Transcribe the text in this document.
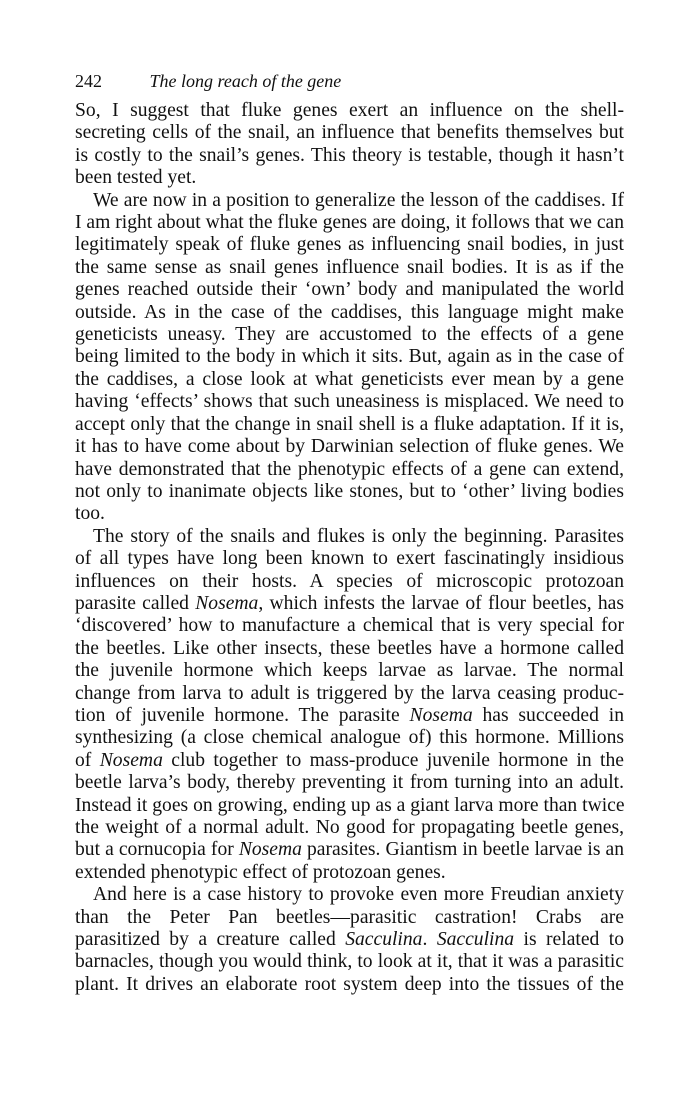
242	The long reach of the gene
So, I suggest that fluke genes exert an influence on the shell-
secreting cells of the snail, an influence that benefits themselves but
is costly to the snail’s genes. This theory is testable, though it hasn’t
been tested yet.
We are now in a position to generalize the lesson of the caddises. If
I am right about what the fluke genes are doing, it follows that we can
legitimately speak of fluke genes as influencing snail bodies, in just
the same sense as snail genes influence snail bodies. It is as if the
genes reached outside their ‘own’ body and manipulated the world
outside. As in the case of the caddises, this language might make
geneticists uneasy. They are accustomed to the effects of a gene
being limited to the body in which it sits. But, again as in the case of
the caddises, a close look at what geneticists ever mean by a gene
having ‘effects’ shows that such uneasiness is misplaced. We need to
accept only that the change in snail shell is a fluke adaptation. If it is,
it has to have come about by Darwinian selection of fluke genes. We
have demonstrated that the phenotypic effects of a gene can extend,
not only to inanimate objects like stones, but to ‘other’ living bodies
too.
The story of the snails and flukes is only the beginning. Parasites
of all types have long been known to exert fascinatingly insidious
influences on their hosts. A species of microscopic protozoan
parasite called Nosema, which infests the larvae of flour beetles, has
‘discovered’ how to manufacture a chemical that is very special for
the beetles. Like other insects, these beetles have a hormone called
the juvenile hormone which keeps larvae as larvae. The normal
change from larva to adult is triggered by the larva ceasing produc-
tion of juvenile hormone. The parasite Nosema has succeeded in
synthesizing (a close chemical analogue of) this hormone. Millions
of Nosema club together to mass-produce juvenile hormone in the
beetle larva’s body, thereby preventing it from turning into an adult.
Instead it goes on growing, ending up as a giant larva more than twice
the weight of a normal adult. No good for propagating beetle genes,
but a cornucopia for Nosema parasites. Giantism in beetle larvae is an
extended phenotypic effect of protozoan genes.
And here is a case history to provoke even more Freudian anxiety
than the Peter Pan beetles—parasitic castration! Crabs are
parasitized by a creature called Sacculina. Sacculina is related to
barnacles, though you would think, to look at it, that it was a parasitic
plant. It drives an elaborate root system deep into the tissues of the
